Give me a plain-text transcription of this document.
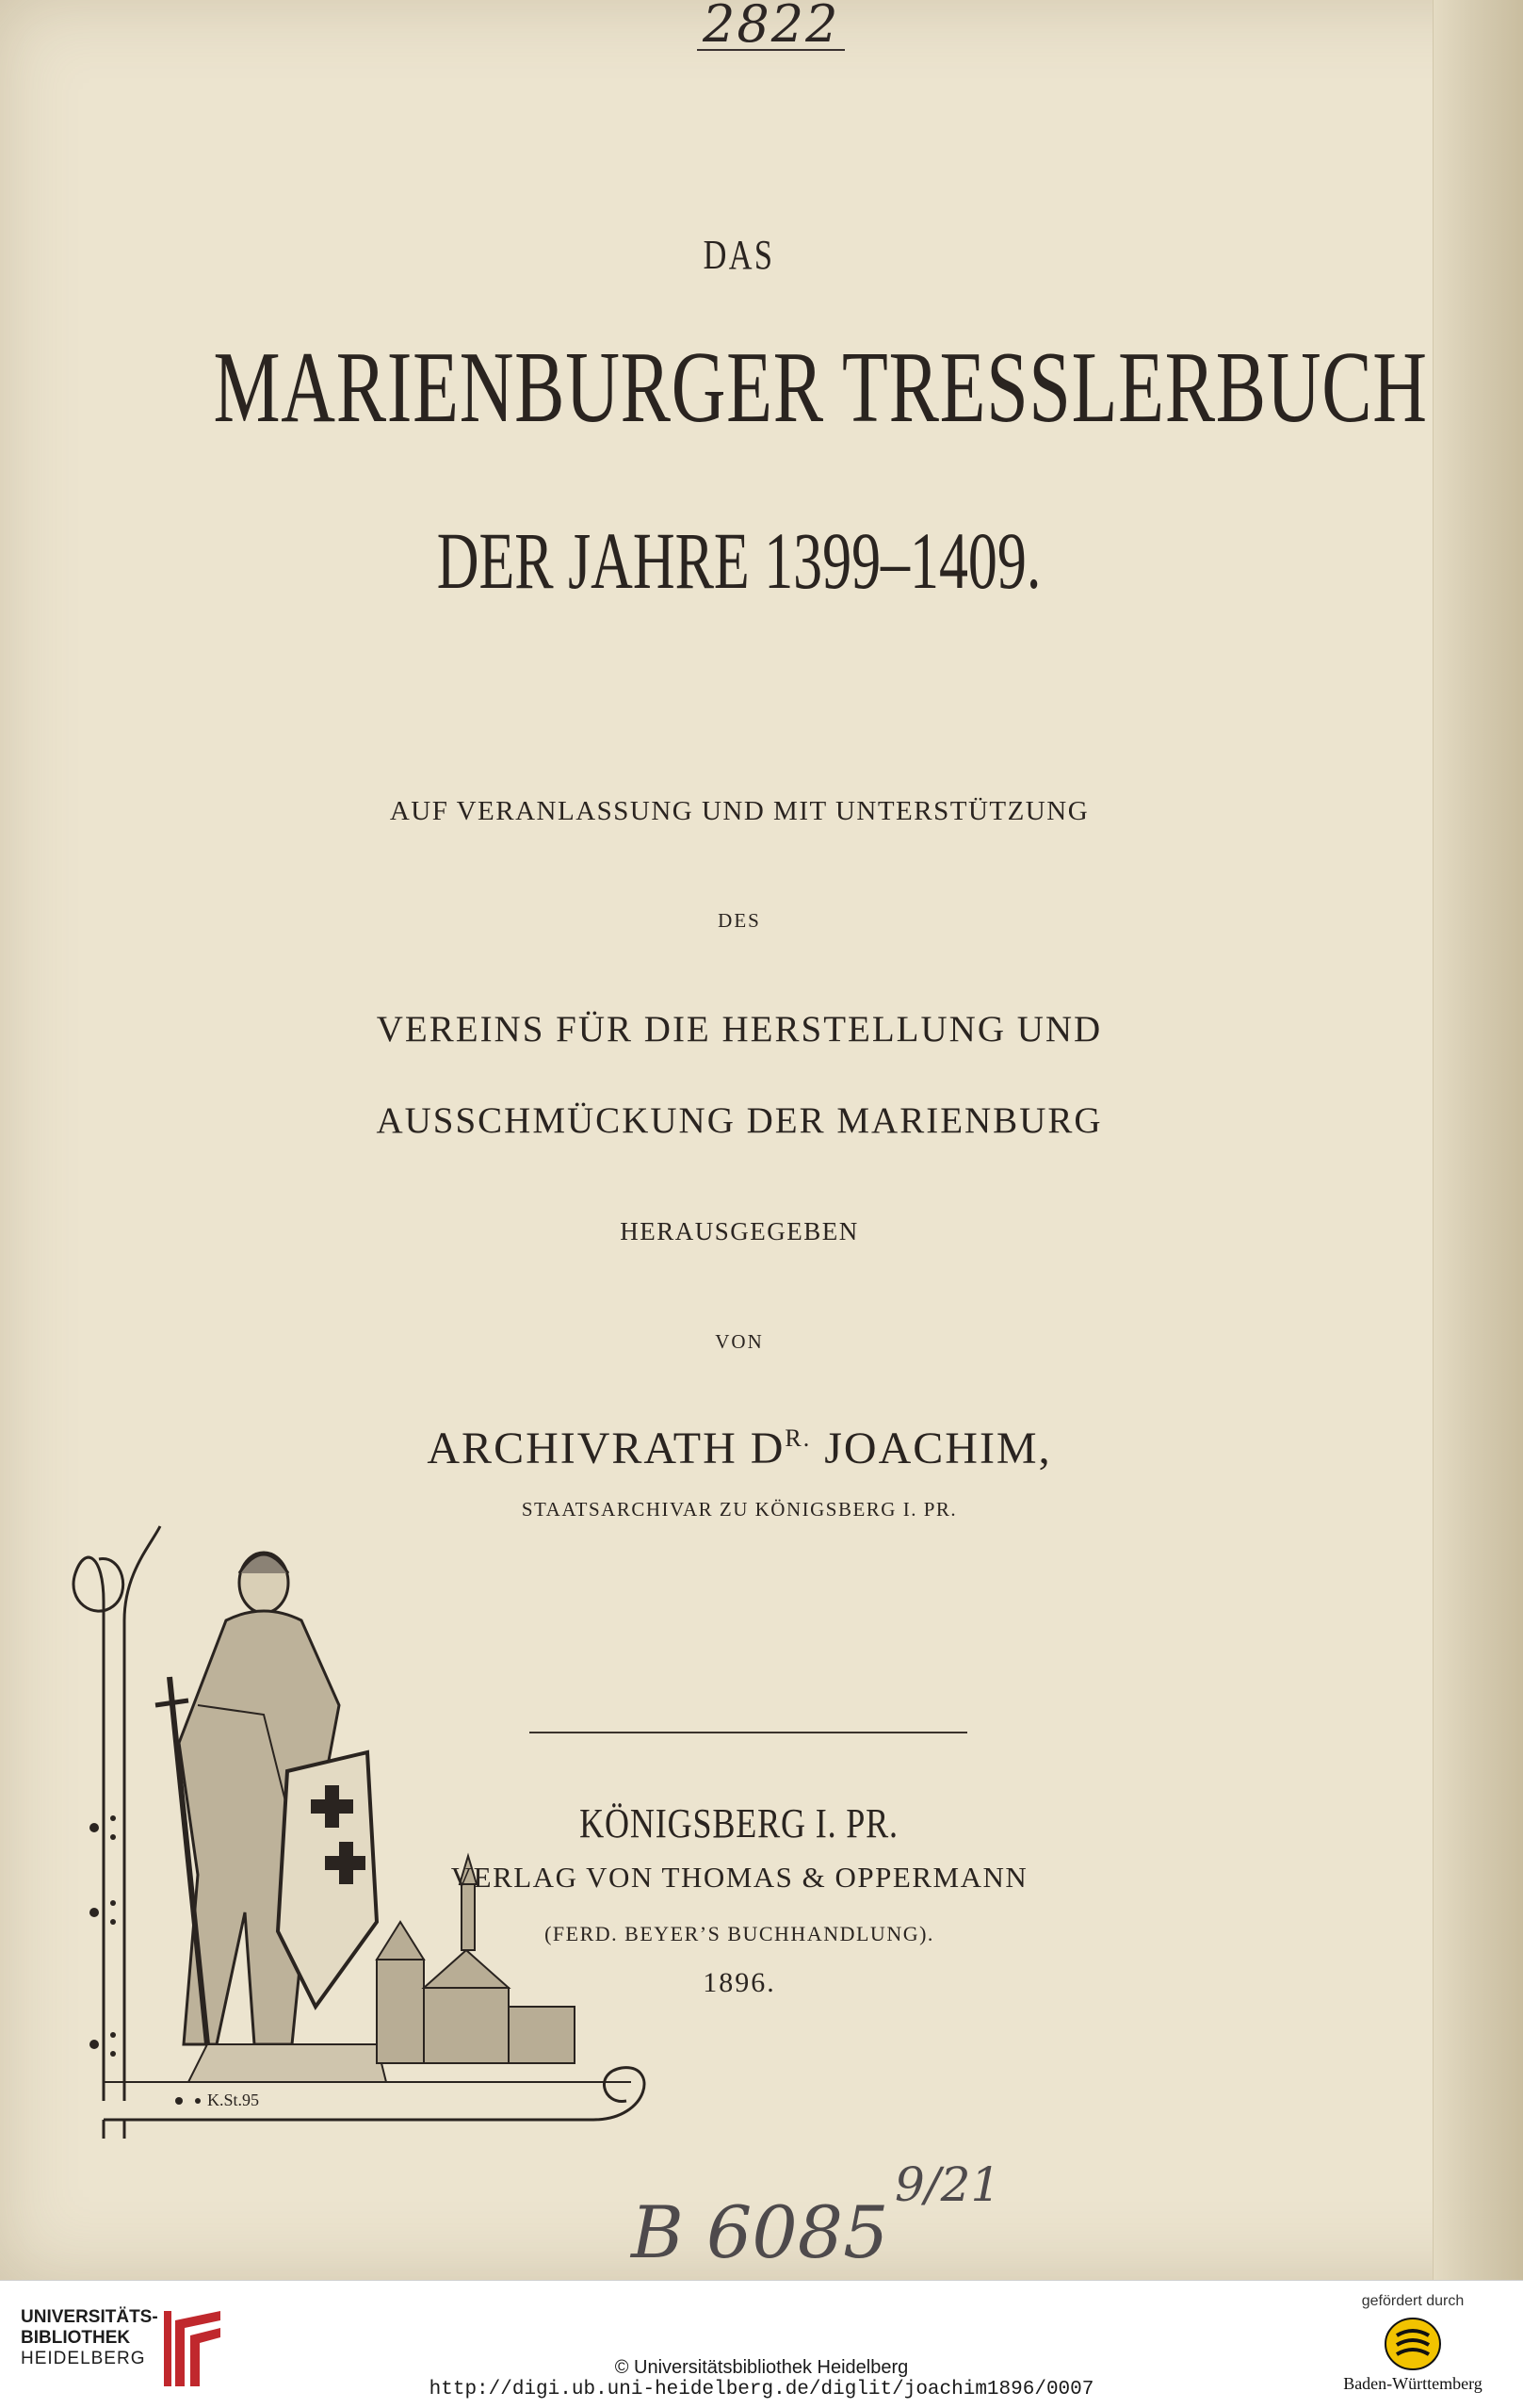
2822
DAS
MARIENBURGER TRESSLERBUCH
DER JAHRE 1399–1409.
AUF VERANLASSUNG UND MIT UNTERSTÜTZUNG
DES
VEREINS FÜR DIE HERSTELLUNG UND
AUSSCHMÜCKUNG DER MARIENBURG
HERAUSGEGEBEN
VON
ARCHIVRATH $D^{R.}$ JOACHIM,
STAATSARCHIVAR ZU KÖNIGSBERG I. PR.
K.St.95
KÖNIGSBERG I. PR.
VERLAG VON THOMAS & OPPERMANN
(FERD. BEYER’S BUCHHANDLUNG).
1896.
B 6085
9/21
UNIVERSITÄTS-
BIBLIOTHEK
HEIDELBERG	© Universitätsbibliothek Heidelberg
http://digi.ub.uni-heidelberg.de/diglit/joachim1896/0007
gefördert durch
Baden-Württemberg
